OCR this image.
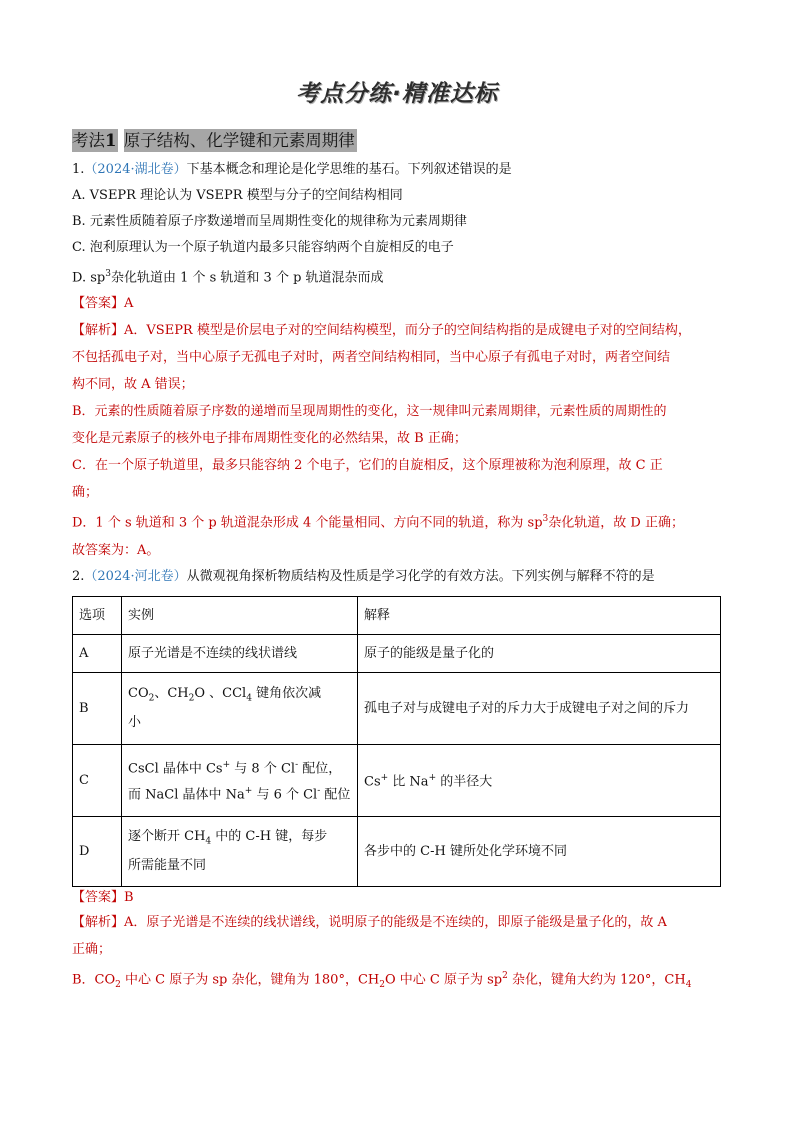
考点分练·精准达标
考法1 原子结构、化学键和元素周期律
1.（2024·湖北卷）下基本概念和理论是化学思维的基石。下列叙述错误的是
A. VSEPR 理论认为 VSEPR 模型与分子的空间结构相同
B. 元素性质随着原子序数递增而呈周期性变化的规律称为元素周期律
C. 泡利原理认为一个原子轨道内最多只能容纳两个自旋相反的电子
D. $sp^3$杂化轨道由 1 个 s 轨道和 3 个 p 轨道混杂而成
【答案】A
【解析】A．VSEPR 模型是价层电子对的空间结构模型，而分子的空间结构指的是成键电子对的空间结构，
不包括孤电子对，当中心原子无孤电子对时，两者空间结构相同，当中心原子有孤电子对时，两者空间结
构不同，故 A 错误；
B．元素的性质随着原子序数的递增而呈现周期性的变化，这一规律叫元素周期律，元素性质的周期性的
变化是元素原子的核外电子排布周期性变化的必然结果，故 B 正确；
C．在一个原子轨道里，最多只能容纳 2 个电子，它们的自旋相反，这个原理被称为泡利原理，故 C 正
确；
D．1 个 s 轨道和 3 个 p 轨道混杂形成 4 个能量相同、方向不同的轨道，称为 $sp^3$杂化轨道，故 D 正确；
故答案为：A。
2.（2024·河北卷）从微观视角探析物质结构及性质是学习化学的有效方法。下列实例与解释不符的是
选项	实例	解释
A	原子光谱是不连续的线状谱线	原子的能级是量子化的
B	$CO_2$、$CH_2O$ 、CCl$_4$ 键角依次减
小	孤电子对与成键电子对的斥力大于成键电子对之间的斥力
C	CsCl 晶体中 Cs+ 与 8 个 Cl- 配位，
而 NaCl 晶体中 Na+ 与 6 个 Cl- 配位	Cs+ 比 Na+ 的半径大
D	逐个断开 $CH_4$ 中的 C-H 键，每步
所需能量不同	各步中的 C-H 键所处化学环境不同
【答案】B
【解析】A．原子光谱是不连续的线状谱线，说明原子的能级是不连续的，即原子能级是量子化的，故 A
正确；
B．$CO_2$ 中心 C 原子为 sp 杂化，键角为 180°，$CH_2O$ 中心 C 原子为 $sp^2$ 杂化，键角大约为 120°，$CH_4$
